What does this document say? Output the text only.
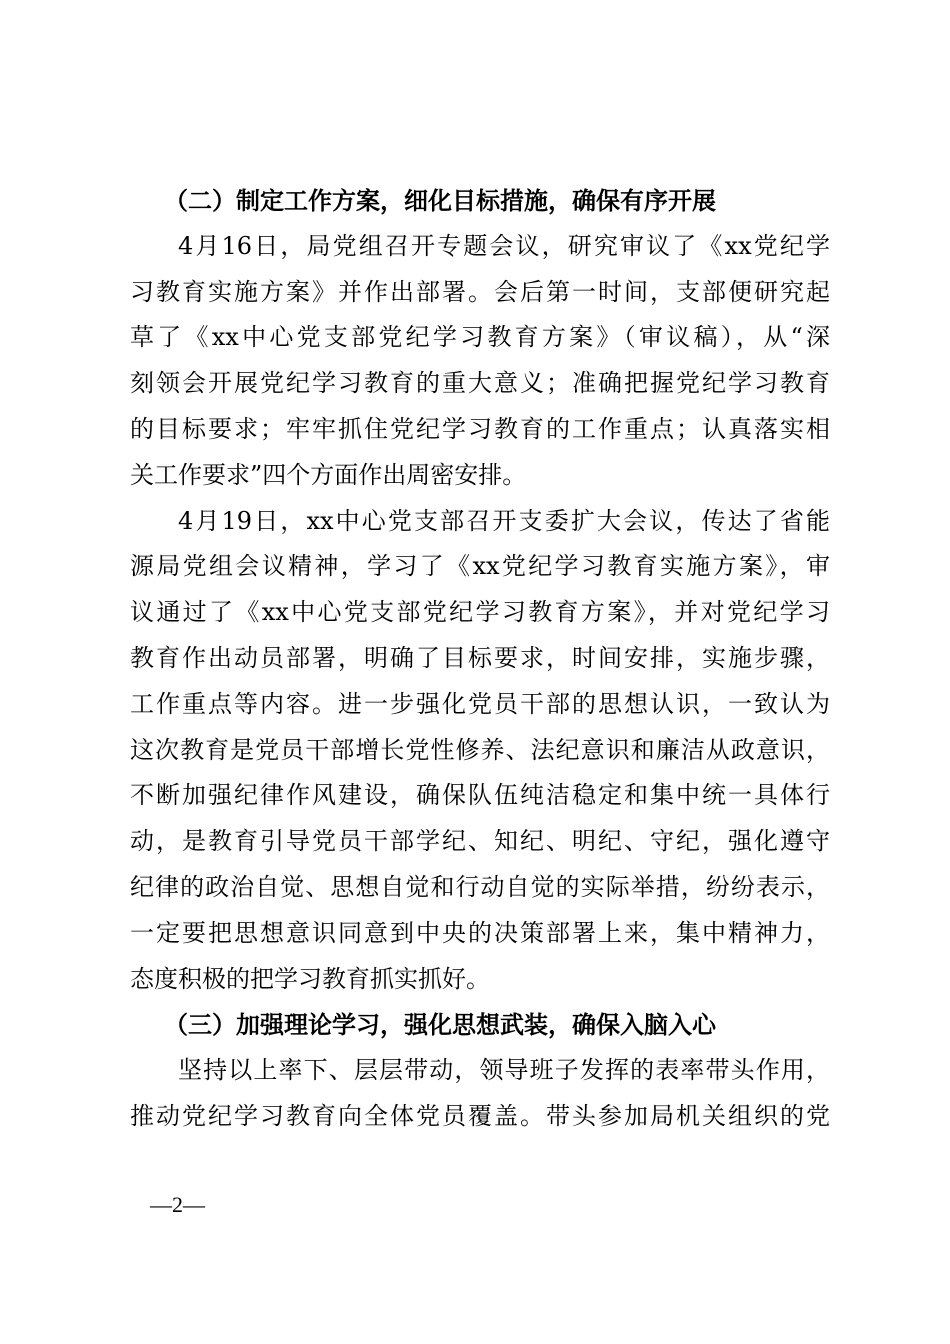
（二）制定工作方案，细化目标措施，确保有序开展
4月16日，局党组召开专题会议，研究审议了《xx党纪学
习教育实施方案》并作出部署。会后第一时间，支部便研究起
草了《xx中心党支部党纪学习教育方案》（审议稿），从“深
刻领会开展党纪学习教育的重大意义；准确把握党纪学习教育
的目标要求；牢牢抓住党纪学习教育的工作重点；认真落实相
关工作要求”四个方面作出周密安排。
4月19日，xx中心党支部召开支委扩大会议，传达了省能
源局党组会议精神，学习了《xx党纪学习教育实施方案》，审
议通过了《xx中心党支部党纪学习教育方案》，并对党纪学习
教育作出动员部署，明确了目标要求，时间安排，实施步骤，
工作重点等内容。进一步强化党员干部的思想认识，一致认为
这次教育是党员干部增长党性修养、法纪意识和廉洁从政意识，
不断加强纪律作风建设，确保队伍纯洁稳定和集中统一具体行
动，是教育引导党员干部学纪、知纪、明纪、守纪，强化遵守
纪律的政治自觉、思想自觉和行动自觉的实际举措，纷纷表示，
一定要把思想意识同意到中央的决策部署上来，集中精神力，
态度积极的把学习教育抓实抓好。
（三）加强理论学习，强化思想武装，确保入脑入心
坚持以上率下、层层带动，领导班子发挥的表率带头作用，
推动党纪学习教育向全体党员覆盖。带头参加局机关组织的党
—2—
